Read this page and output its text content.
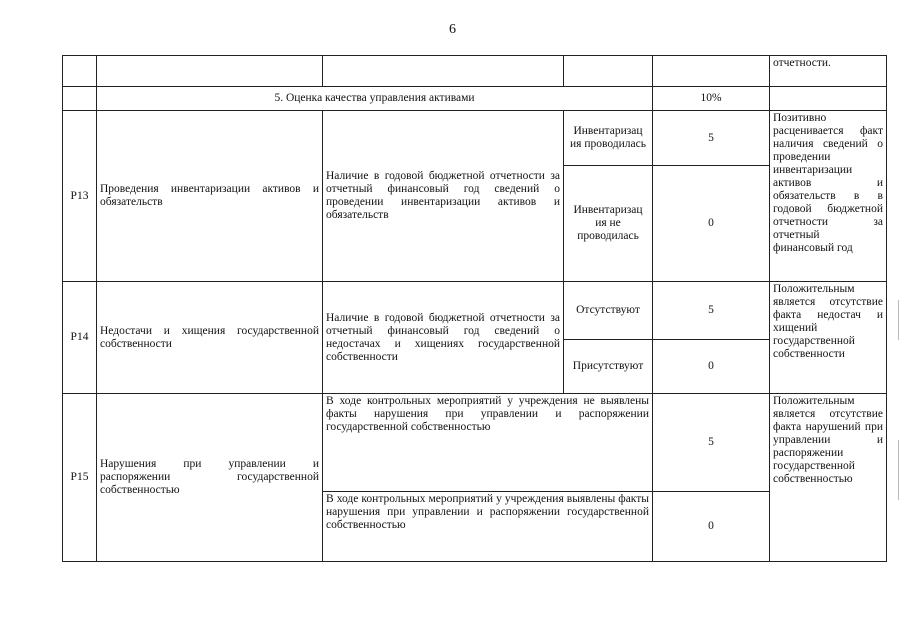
6
					отчетности.
	5. Оценка качества управления активами			10%	
P13	Проведения инвентаризации активов и обязательств	Наличие в годовой бюджетной отчетности за отчетный финансовый год сведений о проведении инвентаризации активов и обязательств	Инвентаризац ия проводилась	5	Позитивно расценивается факт наличия сведений о проведении инвентаризации активов и обязательств в в годовой бюджетной отчетности за отчетный финансовый год
			Инвентаризац ия не проводилась	0	
P14	Недостачи и хищения государственной собственности	Наличие в годовой бюджетной отчетности за отчетный финансовый год сведений о недостачах и хищениях государственной собственности	Отсутствуют	5	Положительным является отсутствие факта недостач и хищений государственной собственности
			Присутствуют	0	
P15	Нарушения при управлении и распоряжении государственной собственностью	В ходе контрольных мероприятий у учреждения не выявлены факты нарушения при управлении и распоряжении государственной собственностью		5	Положительным является отсутствие факта нарушений при управлении и распоряжении государственной собственностью
		В ходе контрольных мероприятий у учреждения выявлены факты нарушения при управлении и распоряжении государственной собственностью		0	
